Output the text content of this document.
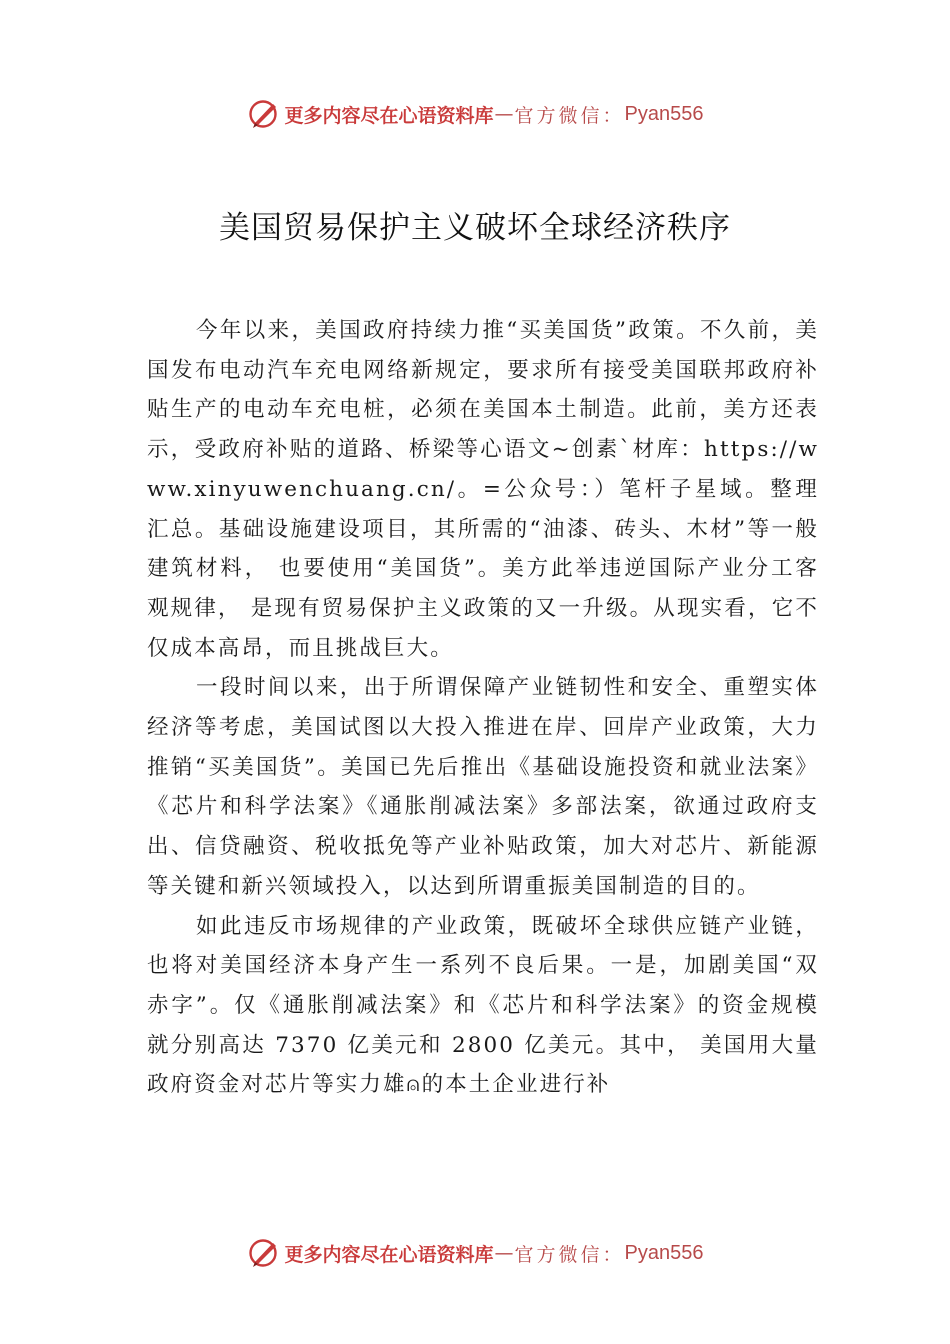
更多内容尽在心语资料库 — 官方微信： Pyan556
美国贸易保护主义破坏全球经济秩序

今年以来，美国政府持续力推“买美国货”政策。不久前，美国发布电动汽车充电网络新规定，要求所有接受美国联邦政府补贴生产的电动车充电桩，必须在美国本土制造。此前，美方还表示，受政府补贴的道路、桥梁等心语文~创素`材库：https://www.xinyuwenchuang.cn/。=公众号：）笔杆子星域。整理汇总。基础设施建设项目，其所需的“油漆、砖头、木材”等一般建筑材料， 也要使用“美国货”。美方此举违逆国际产业分工客观规律， 是现有贸易保护主义政策的又一升级。从现实看，它不仅成本高昂，而且挑战巨大。

一段时间以来，出于所谓保障产业链韧性和安全、重塑实体经济等考虑，美国试图以大投入推进在岸、回岸产业政策，大力推销“买美国货”。美国已先后推出《基础设施投资和就业法案》《芯片和科学法案》《通胀削减法案》多部法案，欲通过政府支出、信贷融资、税收抵免等产业补贴政策，加大对芯片、新能源等关键和新兴领域投入，以达到所谓重振美国制造的目的。

如此违反市场规律的产业政策，既破坏全球供应链产业链，也将对美国经济本身产生一系列不良后果。一是，加剧美国“双赤字”。仅《通胀削减法案》和《芯片和科学法案》的资金规模就分别高达 7370 亿美元和 2800 亿美元。其中， 美国用大量政府资金对芯片等实力雄⍝的本土企业进行补

更多内容尽在心语资料库 — 官方微信： Pyan556
